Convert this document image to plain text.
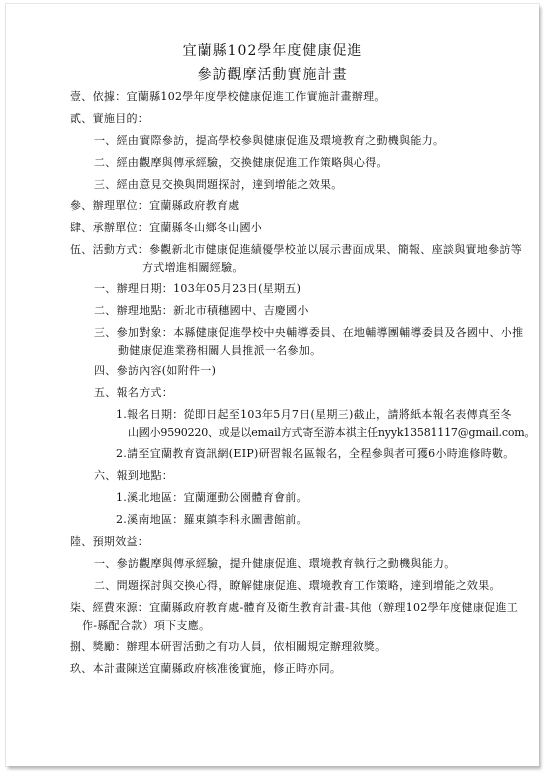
宜蘭縣102學年度健康促進
參訪觀摩活動實施計畫
壹、依據：宜蘭縣102學年度學校健康促進工作實施計畫辦理。
貳、實施目的：
一、經由實際參訪，提高學校參與健康促進及環境教育之動機與能力。
二、經由觀摩與傳承經驗，交換健康促進工作策略與心得。
三、經由意見交換與問題探討，達到增能之效果。
參、辦理單位：宜蘭縣政府教育處
肆、承辦單位：宜蘭縣冬山鄉冬山國小
伍、活動方式：參觀新北市健康促進績優學校並以展示書面成果、簡報、座談與實地參訪等
方式增進相關經驗。
一、辦理日期：103年05月23日(星期五)
二、辦理地點：新北市積穗國中、吉慶國小
三、參加對象：本縣健康促進學校中央輔導委員、在地輔導團輔導委員及各國中、小推
動健康促進業務相關人員推派一名參加。
四、參訪內容(如附件一)
五、報名方式：
1.報名日期：從即日起至103年5月7日(星期三)截止，請將紙本報名表傳真至冬
山國小9590220、或是以email方式寄至游本祺主任nyyk13581117@gmail.com。
2.請至宜蘭教育資訊網(EIP)研習報名區報名，全程參與者可獲6小時進修時數。
六、報到地點：
1.溪北地區：宜蘭運動公園體育會前。
2.溪南地區：羅東鎮李科永圖書館前。
陸、預期效益：
一、參訪觀摩與傳承經驗，提升健康促進、環境教育執行之動機與能力。
二、問題探討與交換心得，瞭解健康促進、環境教育工作策略，達到增能之效果。
柒、經費來源：宜蘭縣政府教育處-體育及衛生教育計畫-其他（辦理102學年度健康促進工
作-縣配合款）項下支應。
捌、獎勵：辦理本研習活動之有功人員，依相關規定辦理敘獎。
玖、本計畫陳送宜蘭縣政府核准後實施，修正時亦同。
